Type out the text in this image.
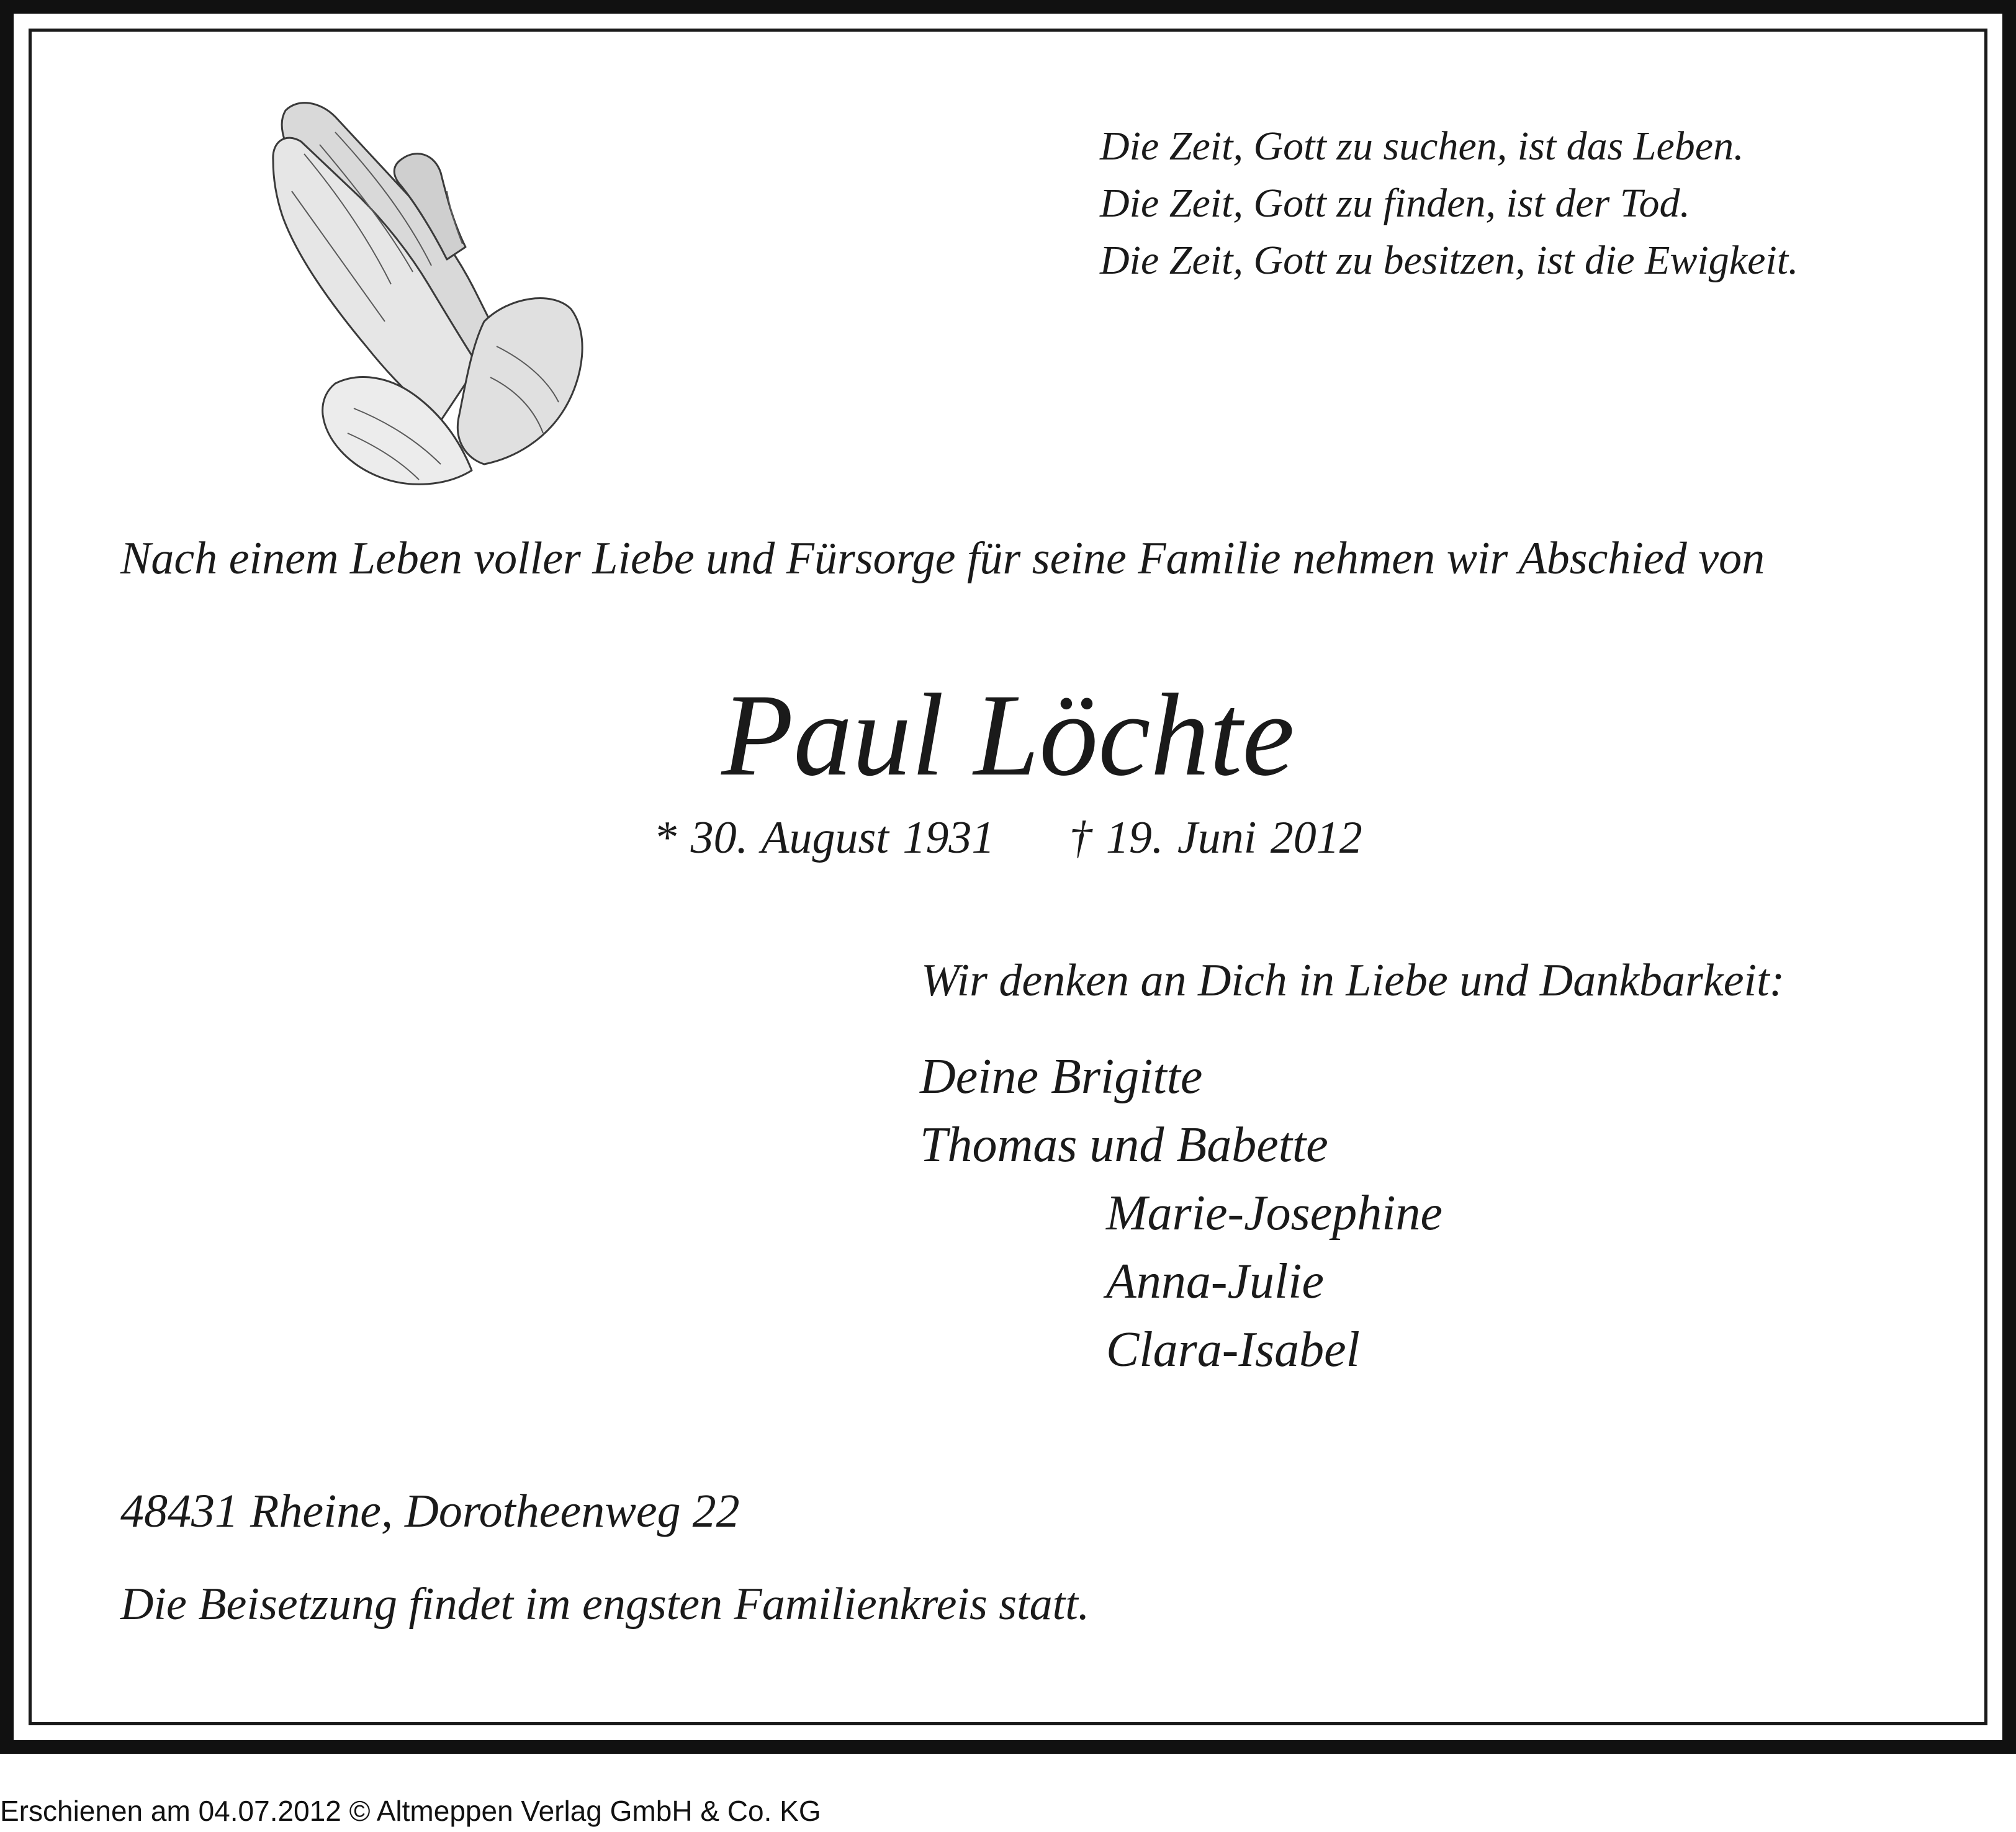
Die Zeit, Gott zu suchen, ist das Leben.
Die Zeit, Gott zu finden, ist der Tod.
Die Zeit, Gott zu besitzen, ist die Ewigkeit.
Nach einem Leben voller Liebe und Fürsorge für seine Familie nehmen wir Abschied von
Paul Löchte
* 30. August 1931 † 19. Juni 2012
Wir denken an Dich in Liebe und Dankbarkeit:
Deine Brigitte
Thomas und Babette
Marie-Josephine
Anna-Julie
Clara-Isabel
48431 Rheine, Dorotheenweg 22
Die Beisetzung findet im engsten Familienkreis statt.
Erschienen am 04.07.2012 © Altmeppen Verlag GmbH & Co. KG
